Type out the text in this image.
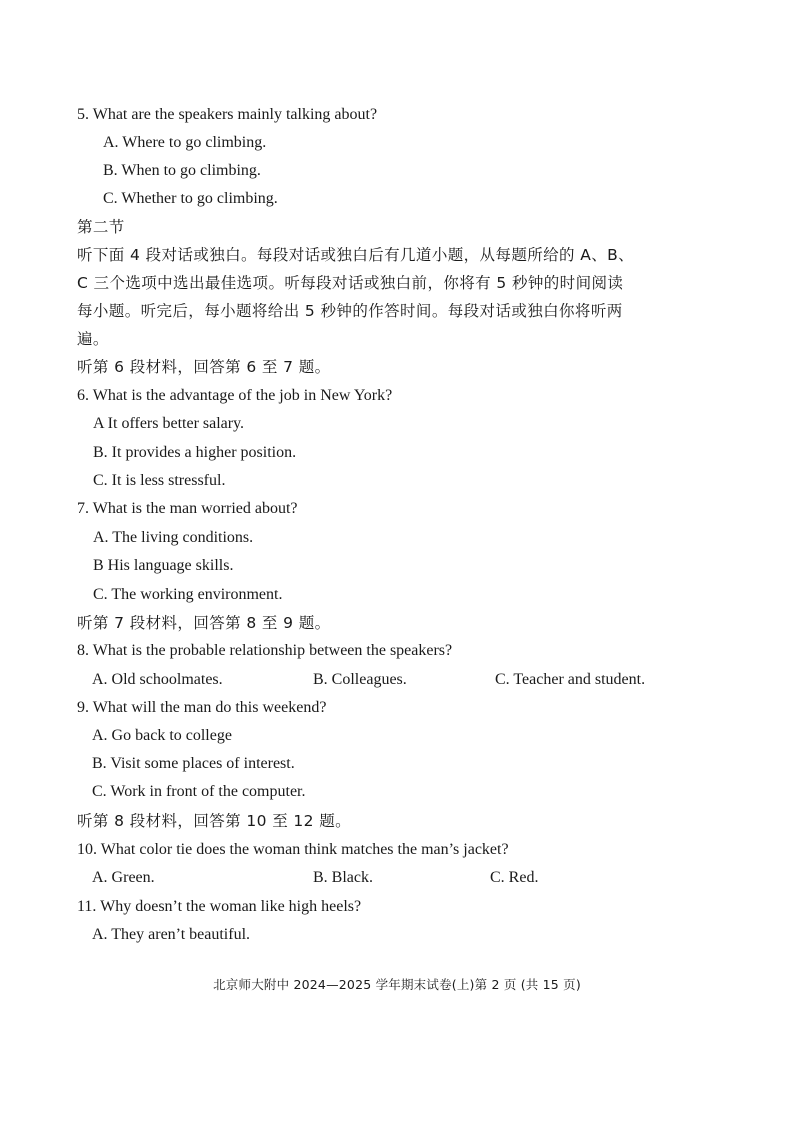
5. What are the speakers mainly talking about?
A. Where to go climbing.
B. When to go climbing.
C. Whether to go climbing.
第二节
听下面 4 段对话或独白。每段对话或独白后有几道小题，从每题所给的 A、B、
C 三个选项中选出最佳选项。听每段对话或独白前，你将有 5 秒钟的时间阅读
每小题。听完后，每小题将给出 5 秒钟的作答时间。每段对话或独白你将听两
遍。
听第 6 段材料，回答第 6 至 7 题。
6. What is the advantage of the job in New York?
A It offers better salary.
B. It provides a higher position.
C. It is less stressful.
7. What is the man worried about?
A. The living conditions.
B His language skills.
C. The working environment.
听第 7 段材料，回答第 8 至 9 题。
8. What is the probable relationship between the speakers?
A. Old schoolmates.	B. Colleagues.	C. Teacher and student.
9. What will the man do this weekend?
A. Go back to college
B. Visit some places of interest.
C. Work in front of the computer.
听第 8 段材料，回答第 10 至 12 题。
10. What color tie does the woman think matches the man’s jacket?
A. Green.	B. Black.	C. Red.
11. Why doesn’t the woman like high heels?
A. They aren’t beautiful.
北京师大附中 2024—2025 学年期末试卷(上)第 2 页 (共 15 页)
